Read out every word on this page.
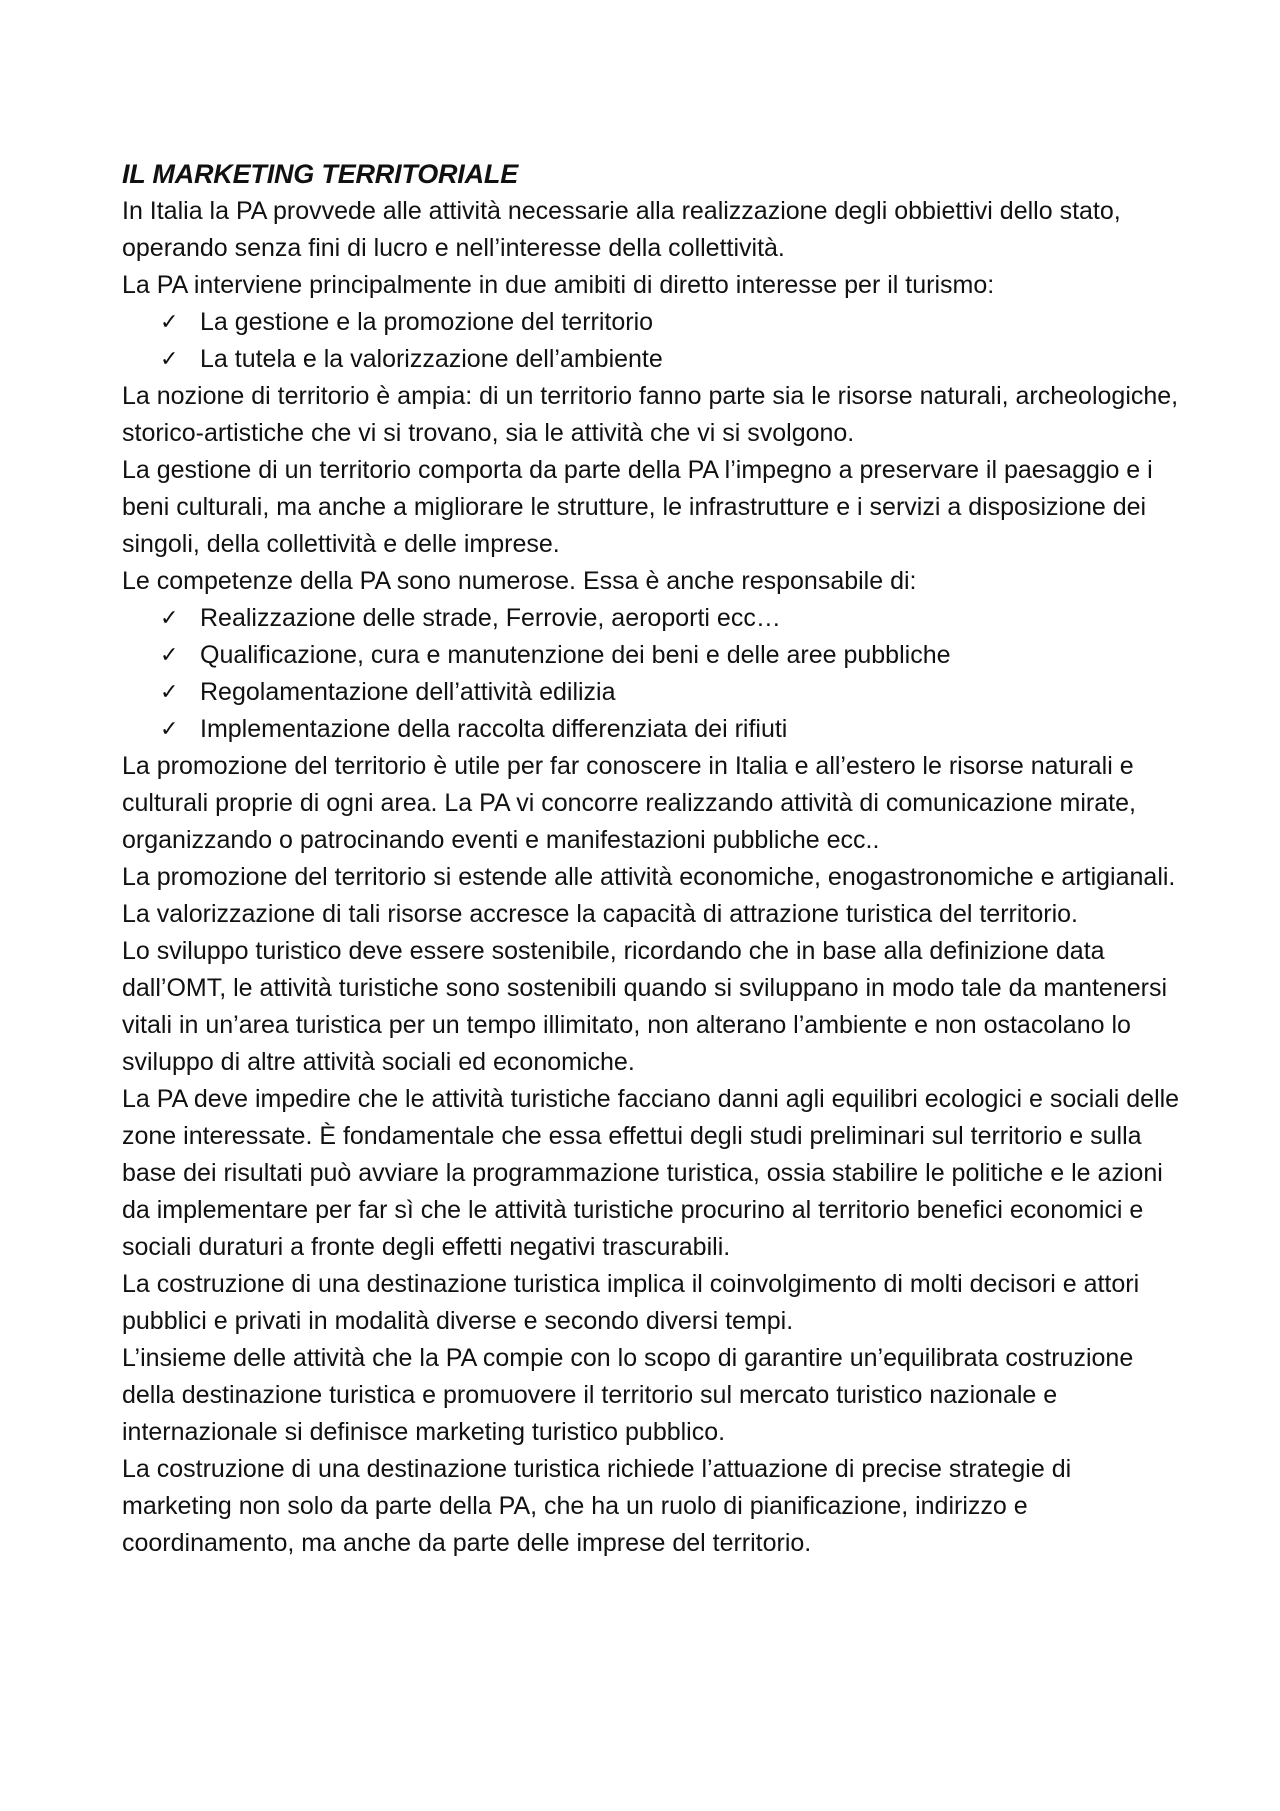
IL MARKETING TERRITORIALE

In Italia la PA provvede alle attività necessarie alla realizzazione degli obbiettivi dello stato, operando senza fini di lucro e nell’interesse della collettività.

La PA interviene principalmente in due amibiti di diretto interesse per il turismo:

✓ La gestione e la promozione del territorio
✓ La tutela e la valorizzazione dell’ambiente

La nozione di territorio è ampia: di un territorio fanno parte sia le risorse naturali, archeologiche, storico-artistiche che vi si trovano, sia le attività che vi si svolgono.

La gestione di un territorio comporta da parte della PA l’impegno a preservare il paesaggio e i beni culturali, ma anche a migliorare le strutture, le infrastrutture e i servizi a disposizione dei singoli, della collettività e delle imprese.

Le competenze della PA sono numerose. Essa è anche responsabile di:

✓ Realizzazione delle strade, Ferrovie, aeroporti ecc…
✓ Qualificazione, cura e manutenzione dei beni e delle aree pubbliche
✓ Regolamentazione dell’attività edilizia
✓ Implementazione della raccolta differenziata dei rifiuti

La promozione del territorio è utile per far conoscere in Italia e all’estero le risorse naturali e culturali proprie di ogni area. La PA vi concorre realizzando attività di comunicazione mirate, organizzando o patrocinando eventi e manifestazioni pubbliche ecc..

La promozione del territorio si estende alle attività economiche, enogastronomiche e artigianali. La valorizzazione di tali risorse accresce la capacità di attrazione turistica del territorio.

Lo sviluppo turistico deve essere sostenibile, ricordando che in base alla definizione data dall’OMT, le attività turistiche sono sostenibili quando si sviluppano in modo tale da mantenersi vitali in un’area turistica per un tempo illimitato, non alterano l’ambiente e non ostacolano lo sviluppo di altre attività sociali ed economiche.

La PA deve impedire che le attività turistiche facciano danni agli equilibri ecologici e sociali delle zone interessate. È fondamentale che essa effettui degli studi preliminari sul territorio e sulla base dei risultati può avviare la programmazione turistica, ossia stabilire le politiche e le azioni da implementare per far sì che le attività turistiche procurino al territorio benefici economici e sociali duraturi a fronte degli effetti negativi trascurabili.

La costruzione di una destinazione turistica implica il coinvolgimento di molti decisori e attori pubblici e privati in modalità diverse e secondo diversi tempi.

L’insieme delle attività che la PA compie con lo scopo di garantire un’equilibrata costruzione della destinazione turistica e promuovere il territorio sul mercato turistico nazionale e internazionale si definisce marketing turistico pubblico.

La costruzione di una destinazione turistica richiede l’attuazione di precise strategie di marketing non solo da parte della PA, che ha un ruolo di pianificazione, indirizzo e coordinamento, ma anche da parte delle imprese del territorio.
